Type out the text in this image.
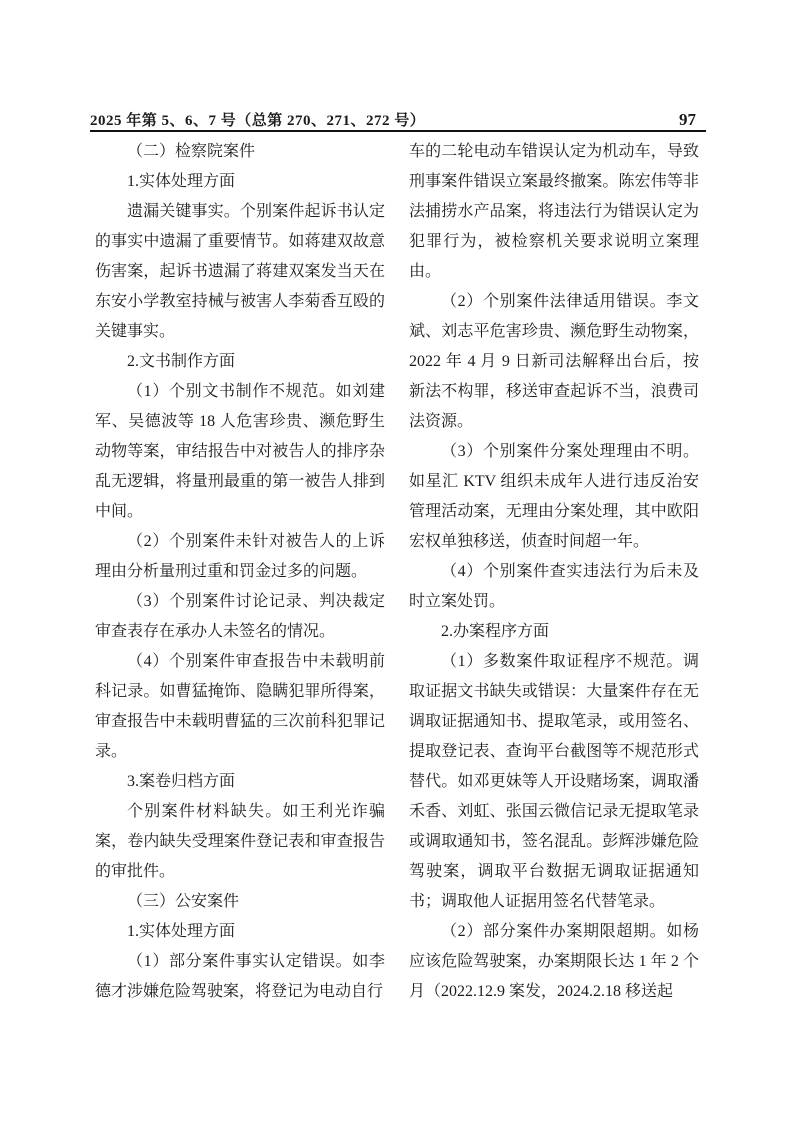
2025 年第 5、6、7 号（总第 270、271、272 号）	97

（二）检察院案件

1.实体处理方面

遗漏关键事实。个别案件起诉书认定的事实中遗漏了重要情节。如蒋建双故意伤害案，起诉书遗漏了蒋建双案发当天在东安小学教室持械与被害人李菊香互殴的关键事实。

2.文书制作方面

（1）个别文书制作不规范。如刘建军、吴德波等 18 人危害珍贵、濒危野生动物等案，审结报告中对被告人的排序杂乱无逻辑，将量刑最重的第一被告人排到中间。

（2）个别案件未针对被告人的上诉理由分析量刑过重和罚金过多的问题。

（3）个别案件讨论记录、判决裁定审查表存在承办人未签名的情况。

（4）个别案件审查报告中未载明前科记录。如曹猛掩饰、隐瞒犯罪所得案，审查报告中未载明曹猛的三次前科犯罪记录。

3.案卷归档方面

个别案件材料缺失。如王利光诈骗案，卷内缺失受理案件登记表和审查报告的审批件。

（三）公安案件

1.实体处理方面

（1）部分案件事实认定错误。如李德才涉嫌危险驾驶案，将登记为电动自行

车的二轮电动车错误认定为机动车，导致刑事案件错误立案最终撤案。陈宏伟等非法捕捞水产品案，将违法行为错误认定为犯罪行为，被检察机关要求说明立案理由。

（2）个别案件法律适用错误。李文斌、刘志平危害珍贵、濒危野生动物案，2022 年 4 月 9 日新司法解释出台后，按新法不构罪，移送审查起诉不当，浪费司法资源。

（3）个别案件分案处理理由不明。如星汇 KTV 组织未成年人进行违反治安管理活动案，无理由分案处理，其中欧阳宏权单独移送，侦查时间超一年。

（4）个别案件查实违法行为后未及时立案处罚。

2.办案程序方面

（1）多数案件取证程序不规范。调取证据文书缺失或错误：大量案件存在无调取证据通知书、提取笔录，或用签名、提取登记表、查询平台截图等不规范形式替代。如邓更妹等人开设赌场案，调取潘禾香、刘虹、张国云微信记录无提取笔录或调取通知书，签名混乱。彭辉涉嫌危险驾驶案，调取平台数据无调取证据通知书；调取他人证据用签名代替笔录。

（2）部分案件办案期限超期。如杨应该危险驾驶案，办案期限长达 1 年 2 个月（2022.12.9 案发，2024.2.18 移送起
